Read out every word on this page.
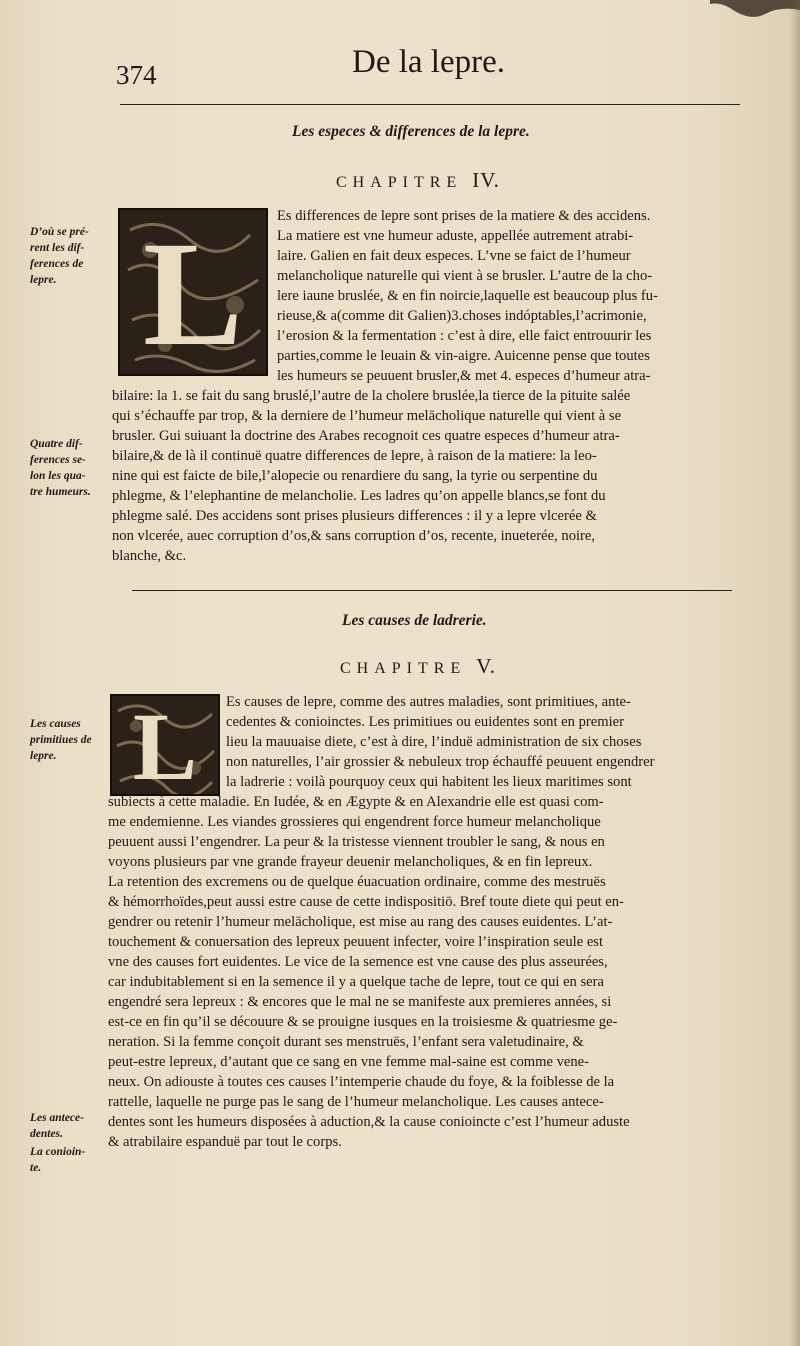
374	De la lepre.
Les especes & differences de la lepre.
CHAPITRE IV.
L	Es differences de lepre sont prises de la matiere & des accidens.
La matiere est vne humeur aduste, appellée autrement atrabi-
laire. Galien en fait deux especes. L’vne se faict de l’humeur
melancholique naturelle qui vient à se brusler. L’autre de la cho-
lere iaune bruslée, & en fin noircie,laquelle est beaucoup plus fu-
rieuse,& a(comme dit Galien)3.choses indóptables,l’acrimonie,
l’erosion & la fermentation : c’est à dire, elle faict entrouurir les
parties,comme le leuain & vin-aigre. Auicenne pense que toutes
les humeurs se peuuent brusler,& met 4. especes d’humeur atra-
bilaire: la 1. se fait du sang bruslé,l’autre de la cholere bruslée,la tierce de la pituite salée
qui s’échauffe par trop, & la derniere de l’humeur melācholique naturelle qui vient à se
brusler. Gui suiuant la doctrine des Arabes recognoit ces quatre especes d’humeur atra-
bilaire,& de là il continuë quatre differences de lepre, à raison de la matiere: la leo-
nine qui est faicte de bile,l’alopecie ou renardiere du sang, la tyrie ou serpentine du
phlegme, & l’elephantine de melancholie. Les ladres qu’on appelle blancs,se font du
phlegme salé. Des accidens sont prises plusieurs differences : il y a lepre vlcerée &
non vlcerée, auec corruption d’os,& sans corruption d’os, recente, inueterée, noire,
blanche, &c.
D’où se pré-
rent les dif-
ferences de
lepre.
Quatre dif-
ferences se-
lon les qua-
tre humeurs.
Les causes de ladrerie.
CHAPITRE V.
L	Es causes de lepre, comme des autres maladies, sont primitiues, ante-
cedentes & conioinctes. Les primitiues ou euidentes sont en premier
lieu la mauuaise diete, c’est à dire, l’induë administration de six choses
non naturelles, l’air grossier & nebuleux trop échauffé peuuent engendrer
la ladrerie : voilà pourquoy ceux qui habitent les lieux maritimes sont
subiects à cette maladie. En Iudée, & en Ægypte & en Alexandrie elle est quasi com-
me endemienne. Les viandes grossieres qui engendrent force humeur melancholique
peuuent aussi l’engendrer. La peur & la tristesse viennent troubler le sang, & nous en
voyons plusieurs par vne grande frayeur deuenir melancholiques, & en fin lepreux.
La retention des excremens ou de quelque éuacuation ordinaire, comme des mestruës
& hémorrhoïdes,peut aussi estre cause de cette indispositiō. Bref toute diete qui peut en-
gendrer ou retenir l’humeur melācholique, est mise au rang des causes euidentes. L’at-
touchement & conuersation des lepreux peuuent infecter, voire l’inspiration seule est
vne des causes fort euidentes. Le vice de la semence est vne cause des plus asseurées,
car indubitablement si en la semence il y a quelque tache de lepre, tout ce qui en sera
engendré sera lepreux : & encores que le mal ne se manifeste aux premieres années, si
est-ce en fin qu’il se découure & se prouigne iusques en la troisiesme & quatriesme ge-
neration. Si la femme conçoit durant ses menstruës, l’enfant sera valetudinaire, &
peut-estre lepreux, d’autant que ce sang en vne femme mal-saine est comme vene-
neux. On adiouste à toutes ces causes l’intemperie chaude du foye, & la foiblesse de la
rattelle, laquelle ne purge pas le sang de l’humeur melancholique. Les causes antece-
dentes sont les humeurs disposées à aduction,& la cause conioincte c’est l’humeur aduste
& atrabilaire espanduë par tout le corps.
Les causes
primitiues de
lepre.
Les antece-
dentes.
La conioin-
te.
